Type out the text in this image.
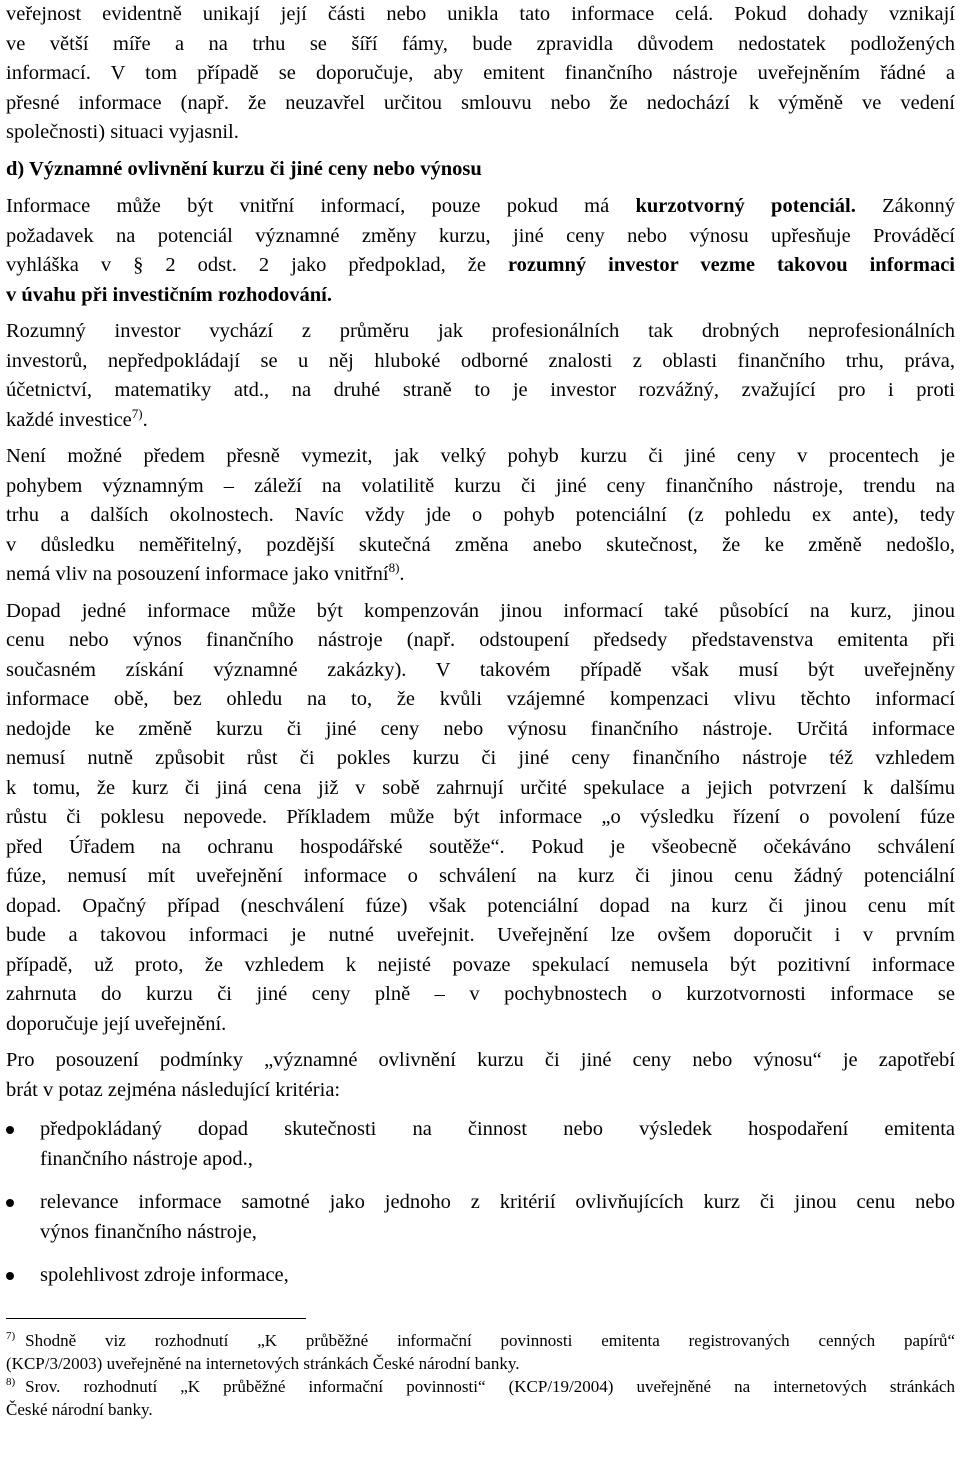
veřejnost evidentně unikají její části nebo unikla tato informace celá. Pokud dohady vznikají
ve větší míře a na trhu se šíří fámy, bude zpravidla důvodem nedostatek podložených
informací. V tom případě se doporučuje, aby emitent finančního nástroje uveřejněním řádné a
přesné informace (např. že neuzavřel určitou smlouvu nebo že nedochází k výměně ve vedení
společnosti) situaci vyjasnil.
d) Významné ovlivnění kurzu či jiné ceny nebo výnosu
Informace může být vnitřní informací, pouze pokud má kurzotvorný potenciál. Zákonný
požadavek na potenciál významné změny kurzu, jiné ceny nebo výnosu upřesňuje Prováděcí
vyhláška v § 2 odst. 2 jako předpoklad, že rozumný investor vezme takovou informaci
v úvahu při investičním rozhodování.
Rozumný investor vychází z průměru jak profesionálních tak drobných neprofesionálních
investorů, nepředpokládají se u něj hluboké odborné znalosti z oblasti finančního trhu, práva,
účetnictví, matematiky atd., na druhé straně to je investor rozvážný, zvažující pro i proti
každé investice$^{7)}$.
Není možné předem přesně vymezit, jak velký pohyb kurzu či jiné ceny v procentech je
pohybem významným – záleží na volatilitě kurzu či jiné ceny finančního nástroje, trendu na
trhu a dalších okolnostech. Navíc vždy jde o pohyb potenciální (z pohledu ex ante), tedy
v důsledku neměřitelný, pozdější skutečná změna anebo skutečnost, že ke změně nedošlo,
nemá vliv na posouzení informace jako vnitřní$^{8)}$.
Dopad jedné informace může být kompenzován jinou informací také působící na kurz, jinou
cenu nebo výnos finančního nástroje (např. odstoupení předsedy představenstva emitenta při
současném získání významné zakázky). V takovém případě však musí být uveřejněny
informace obě, bez ohledu na to, že kvůli vzájemné kompenzaci vlivu těchto informací
nedojde ke změně kurzu či jiné ceny nebo výnosu finančního nástroje. Určitá informace
nemusí nutně způsobit růst či pokles kurzu či jiné ceny finančního nástroje též vzhledem
k tomu, že kurz či jiná cena již v sobě zahrnují určité spekulace a jejich potvrzení k dalšímu
růstu či poklesu nepovede. Příkladem může být informace „o výsledku řízení o povolení fúze
před Úřadem na ochranu hospodářské soutěže“. Pokud je všeobecně očekáváno schválení
fúze, nemusí mít uveřejnění informace o schválení na kurz či jinou cenu žádný potenciální
dopad. Opačný případ (neschválení fúze) však potenciální dopad na kurz či jinou cenu mít
bude a takovou informaci je nutné uveřejnit. Uveřejnění lze ovšem doporučit i v prvním
případě, už proto, že vzhledem k nejisté povaze spekulací nemusela být pozitivní informace
zahrnuta do kurzu či jiné ceny plně – v pochybnostech o kurzotvornosti informace se
doporučuje její uveřejnění.
Pro posouzení podmínky „významné ovlivnění kurzu či jiné ceny nebo výnosu“ je zapotřebí
brát v potaz zejména následující kritéria:
předpokládaný dopad skutečnosti na činnost nebo výsledek hospodaření emitenta
finančního nástroje apod.,
relevance informace samotné jako jednoho z kritérií ovlivňujících kurz či jinou cenu nebo
výnos finančního nástroje,
spolehlivost zdroje informace,
$^{7)}$ Shodně viz rozhodnutí „K průběžné informační povinnosti emitenta registrovaných cenných papírů“
(KCP/3/2003) uveřejněné na internetových stránkách České národní banky.
$^{8)}$ Srov. rozhodnutí „K průběžné informační povinnosti“ (KCP/19/2004) uveřejněné na internetových stránkách
České národní banky.
